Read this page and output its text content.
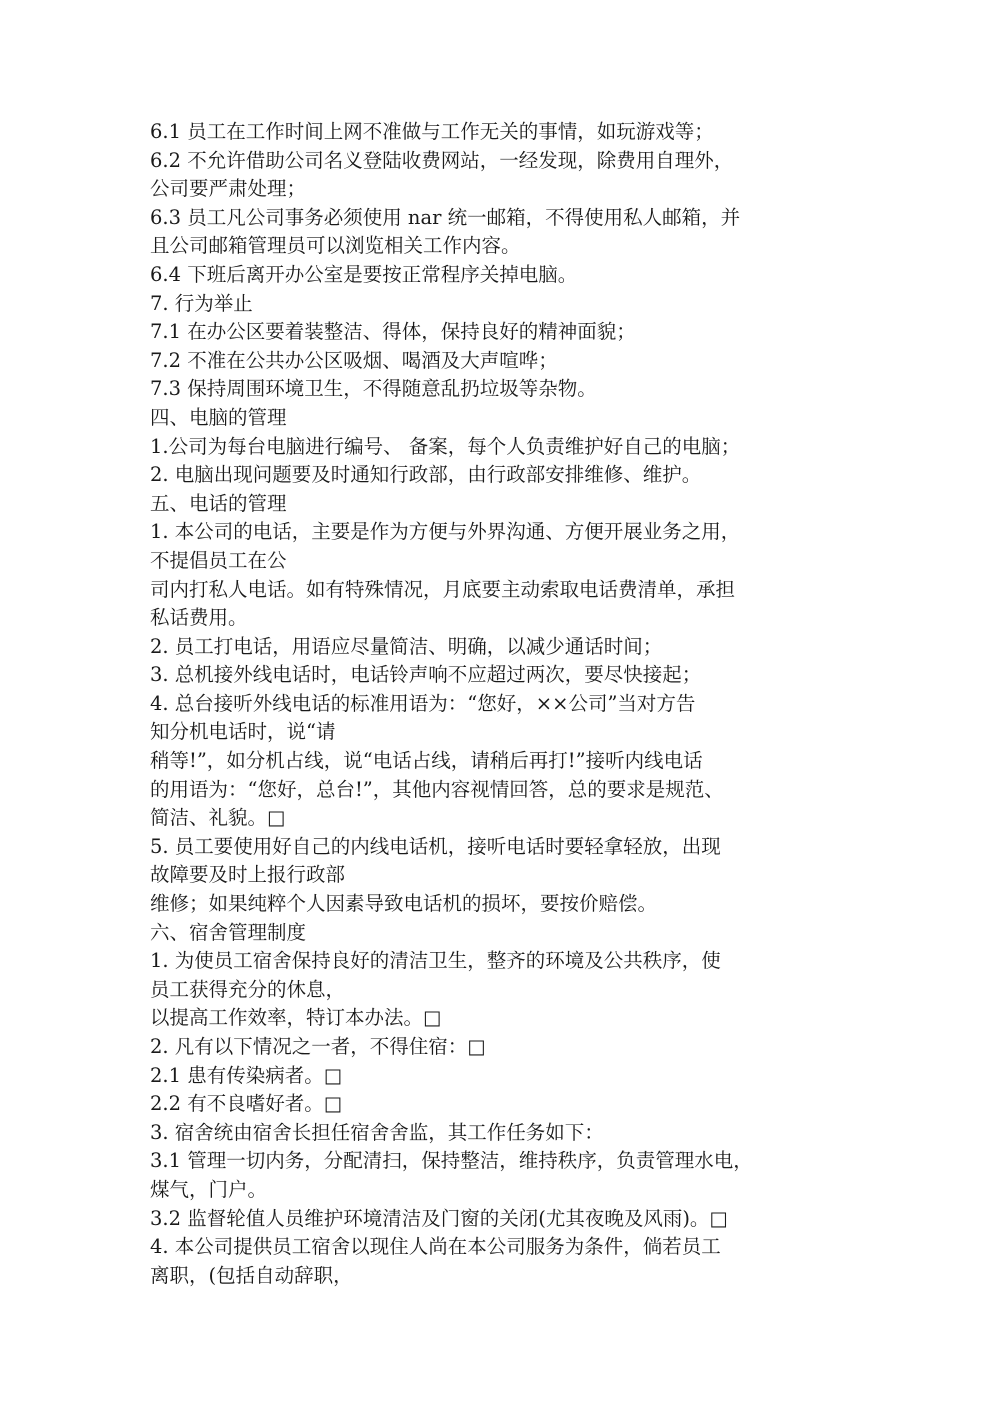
6.1 员工在工作时间上网不准做与工作无关的事情，如玩游戏等；
6.2 不允许借助公司名义登陆收费网站，一经发现，除费用自理外，
公司要严肃处理；
6.3 员工凡公司事务必须使用 nar 统一邮箱，不得使用私人邮箱，并
且公司邮箱管理员可以浏览相关工作内容。
6.4 下班后离开办公室是要按正常程序关掉电脑。
7. 行为举止
7.1 在办公区要着装整洁、得体，保持良好的精神面貌；
7.2 不准在公共办公区吸烟、喝酒及大声喧哗；
7.3 保持周围环境卫生，不得随意乱扔垃圾等杂物。
四、电脑的管理
1.公司为每台电脑进行编号、 备案，每个人负责维护好自己的电脑；
2. 电脑出现问题要及时通知行政部，由行政部安排维修、维护。
五、电话的管理
1. 本公司的电话，主要是作为方便与外界沟通、方便开展业务之用，
不提倡员工在公
司内打私人电话。如有特殊情况，月底要主动索取电话费清单，承担
私话费用。
2. 员工打电话，用语应尽量简洁、明确，以减少通话时间；
3. 总机接外线电话时，电话铃声响不应超过两次，要尽快接起；
4. 总台接听外线电话的标准用语为：“您好，××公司”当对方告
知分机电话时，说“请
稍等!”，如分机占线，说“电话占线，请稍后再打!”接听内线电话
的用语为：“您好，总台!”，其他内容视情回答，总的要求是规范、
简洁、礼貌。□
5. 员工要使用好自己的内线电话机，接听电话时要轻拿轻放，出现
故障要及时上报行政部
维修；如果纯粹个人因素导致电话机的损坏，要按价赔偿。
六、宿舍管理制度
1. 为使员工宿舍保持良好的清洁卫生，整齐的环境及公共秩序，使
员工获得充分的休息，
以提高工作效率，特订本办法。□
2. 凡有以下情况之一者，不得住宿：□
2.1 患有传染病者。□
2.2 有不良嗜好者。□
3. 宿舍统由宿舍长担任宿舍舍监，其工作任务如下：
3.1 管理一切内务，分配清扫，保持整洁，维持秩序，负责管理水电，
煤气，门户。
3.2 监督轮值人员维护环境清洁及门窗的关闭(尤其夜晚及风雨)。□
4. 本公司提供员工宿舍以现住人尚在本公司服务为条件，倘若员工
离职，(包括自动辞职，
